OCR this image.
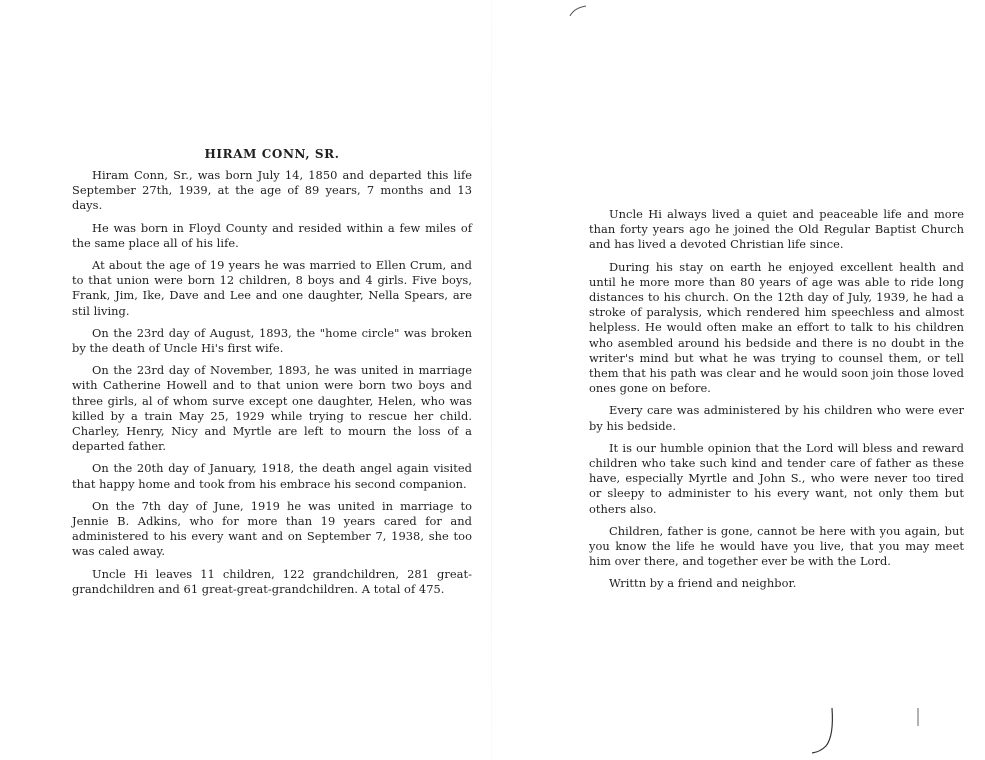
HIRAM CONN, SR.

Hiram Conn, Sr., was born July 14, 1850 and departed this life September 27th, 1939, at the age of 89 years, 7 months and 13 days.

He was born in Floyd County and resided within a few miles of the same place all of his life.

At about the age of 19 years he was married to Ellen Crum, and to that union were born 12 children, 8 boys and 4 girls. Five boys, Frank, Jim, Ike, Dave and Lee and one daughter, Nella Spears, are stil living.

On the 23rd day of August, 1893, the "home circle" was broken by the death of Uncle Hi's first wife.

On the 23rd day of November, 1893, he was united in marriage with Catherine Howell and to that union were born two boys and three girls, al of whom surve except one daughter, Helen, who was killed by a train May 25, 1929 while trying to rescue her child. Charley, Henry, Nicy and Myrtle are left to mourn the loss of a departed father.

On the 20th day of January, 1918, the death angel again visited that happy home and took from his embrace his second companion.

On the 7th day of June, 1919 he was united in marriage to Jennie B. Adkins, who for more than 19 years cared for and administered to his every want and on September 7, 1938, she too was caled away.

Uncle Hi leaves 11 children, 122 grandchildren, 281 great-grandchildren and 61 great-great-grandchildren. A total of 475.

Uncle Hi always lived a quiet and peaceable life and more than forty years ago he joined the Old Regular Baptist Church and has lived a devoted Christian life since.

During his stay on earth he enjoyed excellent health and until he more more than 80 years of age was able to ride long distances to his church. On the 12th day of July, 1939, he had a stroke of paralysis, which rendered him speechless and almost helpless. He would often make an effort to talk to his children who asembled around his bedside and there is no doubt in the writer's mind but what he was trying to counsel them, or tell them that his path was clear and he would soon join those loved ones gone on before.

Every care was administered by his children who were ever by his bedside.

It is our humble opinion that the Lord will bless and reward children who take such kind and tender care of father as these have, especially Myrtle and John S., who were never too tired or sleepy to administer to his every want, not only them but others also.

Children, father is gone, cannot be here with you again, but you know the life he would have you live, that you may meet him over there, and together ever be with the Lord.

Writtn by a friend and neighbor.
